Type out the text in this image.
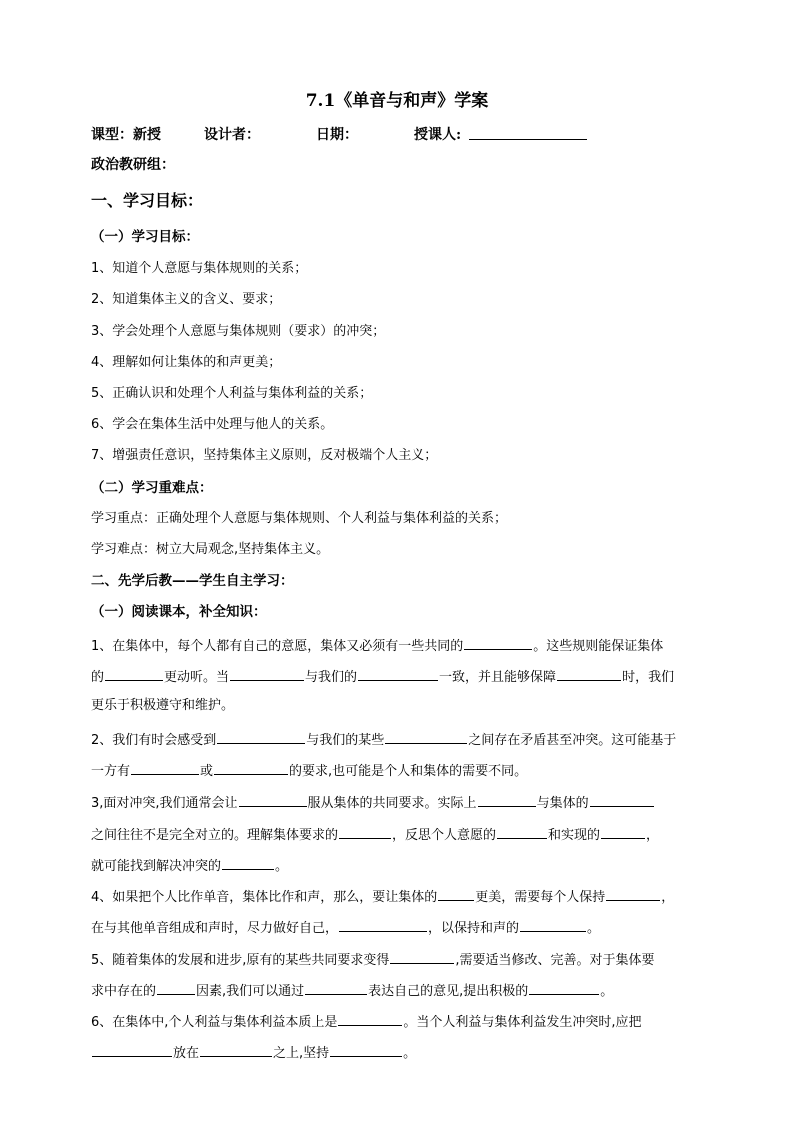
7.1《单音与和声》学案
课型：新授	设计者：	日期：	授课人:
政治教研组：
一、学习目标：
（一）学习目标：
1、知道个人意愿与集体规则的关系；
2、知道集体主义的含义、要求；
3、学会处理个人意愿与集体规则（要求）的冲突；
4、理解如何让集体的和声更美；
5、正确认识和处理个人利益与集体利益的关系；
6、学会在集体生活中处理与他人的关系。
7、增强责任意识，坚持集体主义原则，反对极端个人主义；
（二）学习重难点：
学习重点：正确处理个人意愿与集体规则、个人利益与集体利益的关系；
学习难点：树立大局观念,坚持集体主义。
二、先学后教——学生自主学习：
（一）阅读课本，补全知识：
1、在集体中，每个人都有自己的意愿，集体又必须有一些共同的	。这些规则能保证集体
的	更动听。当	与我们的	一致，并且能够保障	时，我们
更乐于积极遵守和维护。
2、我们有时会感受到	与我们的某些	之间存在矛盾甚至冲突。这可能基于
一方有	或	的要求,也可能是个人和集体的需要不同。
3,面对冲突,我们通常会让	服从集体的共同要求。实际上	与集体的
之间往往不是完全对立的。理解集体要求的	，反思个人意愿的	和实现的	，
就可能找到解决冲突的	。
4、如果把个人比作单音，集体比作和声，那么，要让集体的	更美，需要每个人保持	，
在与其他单音组成和声时，尽力做好自己，	，以保持和声的	。
5、随着集体的发展和进步,原有的某些共同要求变得	,需要适当修改、完善。对于集体要
求中存在的	因素,我们可以通过	表达自己的意见,提出积极的	。
6、在集体中,个人利益与集体利益本质上是	。当个人利益与集体利益发生冲突时,应把
放在	之上,坚持	。
